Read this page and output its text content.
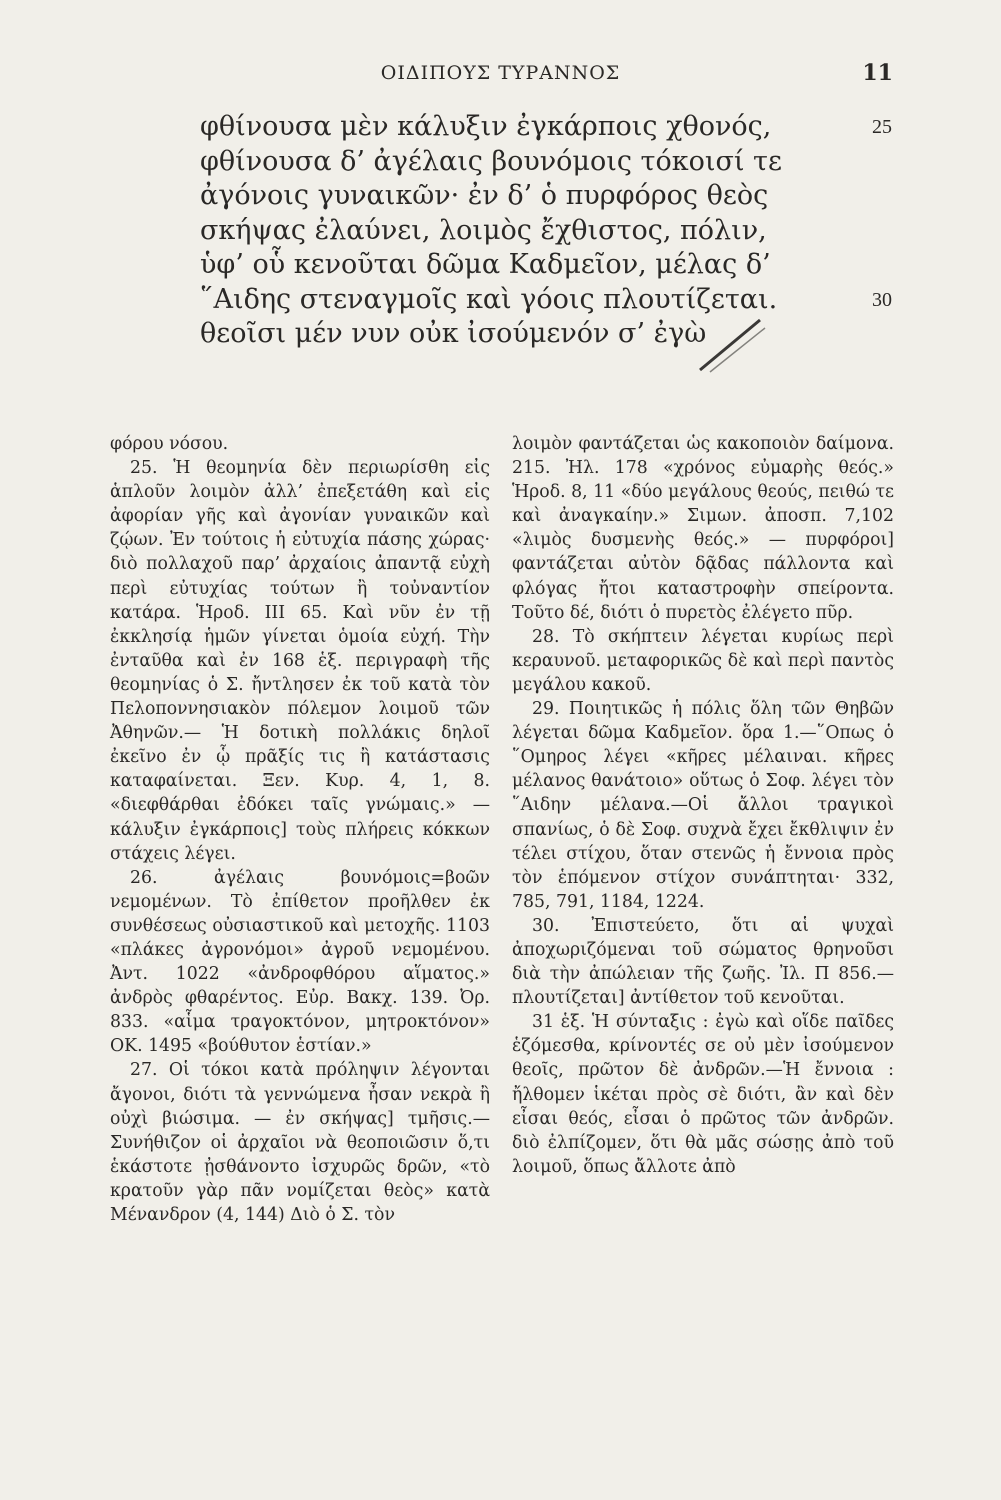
ΟΙΔΙΠΟΥΣ ΤΥΡΑΝΝΟΣ	11
φθίνουσα μὲν κάλυξιν ἐγκάρποις χθονός,	25
φθίνουσα δ’ ἀγέλαις βουνόμοις τόκοισί τε
ἀγόνοις γυναικῶν· ἐν δ’ ὁ πυρφόρος θεὸς
σκήψας ἐλαύνει, λοιμὸς ἔχθιστος, πόλιν,
ὑφ’ οὗ κενοῦται δῶμα Καδμεῖον, μέλας δ’
῞Αιδης στεναγμοῖς καὶ γόοις πλουτίζεται.	30
θεοῖσι μέν νυν οὐκ ἰσούμενόν σ’ ἐγὼ

φόρου νόσου.

25. Ἡ θεομηνία δὲν περιωρίσθη εἰς ἁπλοῦν λοιμὸν ἀλλ’ ἐπεξετάθη καὶ εἰς ἀφορίαν γῆς καὶ ἀγονίαν γυναικῶν καὶ ζῴων. Ἐν τούτοις ἡ εὐτυχία πάσης χώρας· διὸ πολλαχοῦ παρ’ ἀρχαίοις ἀπαντᾷ εὐχὴ περὶ εὐτυχίας τούτων ἢ τοὐναντίον κατάρα. Ἡροδ. ΙΙΙ 65. Καὶ νῦν ἐν τῇ ἐκκλησίᾳ ἡμῶν γίνεται ὁμοία εὐχή. Τὴν ἐνταῦθα καὶ ἐν 168 ἑξ. περιγραφὴ τῆς θεομηνίας ὁ Σ. ἤντλησεν ἐκ τοῦ κατὰ τὸν Πελοποννησιακὸν πόλεμον λοιμοῦ τῶν Ἀθηνῶν.— Ἡ δοτικὴ πολλάκις δηλοῖ ἐκεῖνο ἐν ᾧ πρᾶξίς τις ἢ κατάστασις καταφαίνεται. Ξεν. Κυρ. 4, 1, 8. «διεφθάρθαι ἐδόκει ταῖς γνώμαις.» — κάλυξιν ἐγκάρποις] τοὺς πλήρεις κόκκων στάχεις λέγει.

26. ἀγέλαις βουνόμοις=βοῶν νεμομένων. Τὸ ἐπίθετον προῆλθεν ἐκ συνθέσεως οὐσιαστικοῦ καὶ μετοχῆς. 1103 «πλάκες ἀγρονόμοι» ἀγροῦ νεμομένου. Ἀντ. 1022 «ἀνδροφθόρου αἵματος.» ἀνδρὸς φθαρέντος. Εὐρ. Βακχ. 139. Ὀρ. 833. «αἷμα τραγοκτόνον, μητροκτόνον» ΟΚ. 1495 «βούθυτον ἑστίαν.»

27. Οἱ τόκοι κατὰ πρόληψιν λέγονται ἄγονοι, διότι τὰ γεννώμενα ἦσαν νεκρὰ ἢ οὐχὶ βιώσιμα. — ἐν σκήψας] τμῆσις.—Συνήθιζον οἱ ἀρχαῖοι νὰ θεοποιῶσιν ὅ,τι ἑκάστοτε ᾐσθάνοντο ἰσχυρῶς δρῶν, «τὸ κρατοῦν γὰρ πᾶν νομίζεται θεὸς» κατὰ Μένανδρον (4, 144) Διὸ ὁ Σ. τὸν

λοιμὸν φαντάζεται ὡς κακοποιὸν δαίμονα. 215. Ἠλ. 178 «χρόνος εὐμαρὴς θεός.» Ἡροδ. 8, 11 «δύο μεγάλους θεούς, πειθώ τε καὶ ἀναγκαίην.» Σιμων. ἀποσπ. 7,102 «λιμὸς δυσμενὴς θεός.» — πυρφόροι] φαντάζεται αὐτὸν δᾷδας πάλλοντα καὶ φλόγας ἤτοι καταστροφὴν σπείροντα. Τοῦτο δέ, διότι ὁ πυρετὸς ἐλέγετο πῦρ.

28. Τὸ σκήπτειν λέγεται κυρίως περὶ κεραυνοῦ. μεταφορικῶς δὲ καὶ περὶ παντὸς μεγάλου κακοῦ.

29. Ποιητικῶς ἡ πόλις ὅλη τῶν Θηβῶν λέγεται δῶμα Καδμεῖον. ὅρα 1.—῞Οπως ὁ ῞Ομηρος λέγει «κῆρες μέλαιναι. κῆρες μέλανος θανάτοιο» οὕτως ὁ Σοφ. λέγει τὸν ῞Αιδην μέλανα.—Οἱ ἄλλοι τραγικοὶ σπανίως, ὁ δὲ Σοφ. συχνὰ ἔχει ἔκθλιψιν ἐν τέλει στίχου, ὅταν στενῶς ἡ ἔννοια πρὸς τὸν ἑπόμενον στίχον συνάπτηται· 332, 785, 791, 1184, 1224.

30. Ἐπιστεύετο, ὅτι αἱ ψυχαὶ ἀποχωριζόμεναι τοῦ σώματος θρηνοῦσι διὰ τὴν ἀπώλειαν τῆς ζωῆς. Ἰλ. Π 856.—πλουτίζεται] ἀντίθετον τοῦ κενοῦται.

31 ἑξ. Ἡ σύνταξις : ἐγὼ καὶ οἵδε παῖδες ἑζόμεσθα, κρίνοντές σε οὐ μὲν ἰσούμενον θεοῖς, πρῶτον δὲ ἀνδρῶν.—Ἡ ἔννοια : ἤλθομεν ἱκέται πρὸς σὲ διότι, ἂν καὶ δὲν εἶσαι θεός, εἶσαι ὁ πρῶτος τῶν ἀνδρῶν. διὸ ἐλπίζομεν, ὅτι θὰ μᾶς σώσῃς ἀπὸ τοῦ λοιμοῦ, ὅπως ἄλλοτε ἀπὸ
